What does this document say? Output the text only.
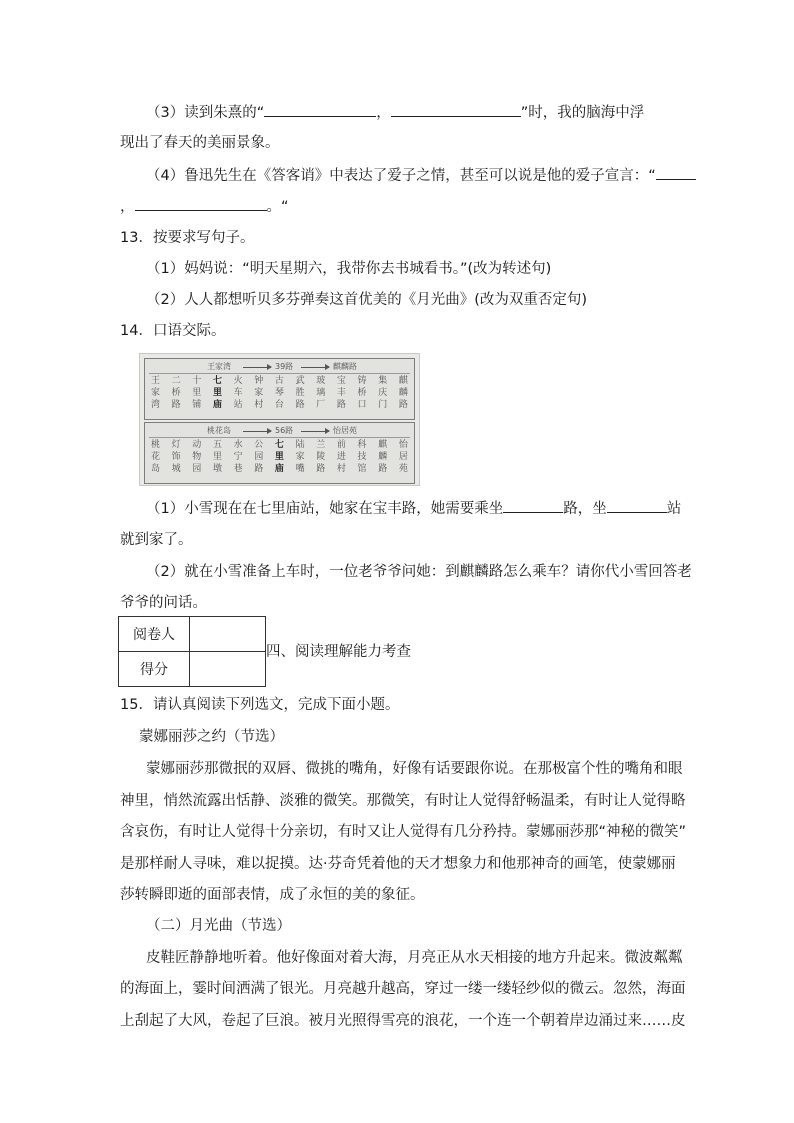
（3）读到朱熹的“	，	”时，我的脑海中浮
现出了春天的美丽景象。
（4）鲁迅先生在《答客诮》中表达了爱子之情，甚至可以说是他的爱子宣言：“
，	。“
13．按要求写句子。
（1）妈妈说：“明天星期六，我带你去书城看书。”(改为转述句)
（2）人人都想听贝多芬弹奏这首优美的《月光曲》(改为双重否定句)
14．口语交际。
王家湾	39路	麒麟路
王家湾
二桥路
十里铺
七里庙
火车站
钟家村
古琴台
武胜路
玻璃厂
宝丰路
铸桥口
集庆门
麒麟路
桃花岛	56路	怡居苑
桃花岛
灯饰城
动物园
五里墩
水宁巷
公园路
七里庙
陆家嘴
兰陵路
前进村
科技馆
麒麟路
怡居苑
（1）小雪现在在七里庙站，她家在宝丰路，她需要乘坐	路，坐	站
就到家了。
（2）就在小雪准备上车时，一位老爷爷问她：到麒麟路怎么乘车？请你代小雪回答老
爷爷的问话。
阅卷人	
得分	
四、阅读理解能力考查
15．请认真阅读下列选文，完成下面小题。
蒙娜丽莎之约（节选）
蒙娜丽莎那微抿的双唇、微挑的嘴角，好像有话要跟你说。在那极富个性的嘴角和眼
神里，悄然流露出恬静、淡雅的微笑。那微笑，有时让人觉得舒畅温柔，有时让人觉得略
含哀伤，有时让人觉得十分亲切，有时又让人觉得有几分矜持。蒙娜丽莎那“神秘的微笑”
是那样耐人寻味，难以捉摸。达·芬奇凭着他的天才想象力和他那神奇的画笔，使蒙娜丽
莎转瞬即逝的面部表情，成了永恒的美的象征。
（二）月光曲（节选）
皮鞋匠静静地听着。他好像面对着大海，月亮正从水天相接的地方升起来。微波粼粼
的海面上，霎时间洒满了银光。月亮越升越高，穿过一缕一缕轻纱似的微云。忽然，海面
上刮起了大风，卷起了巨浪。被月光照得雪亮的浪花，一个连一个朝着岸边涌过来……皮
